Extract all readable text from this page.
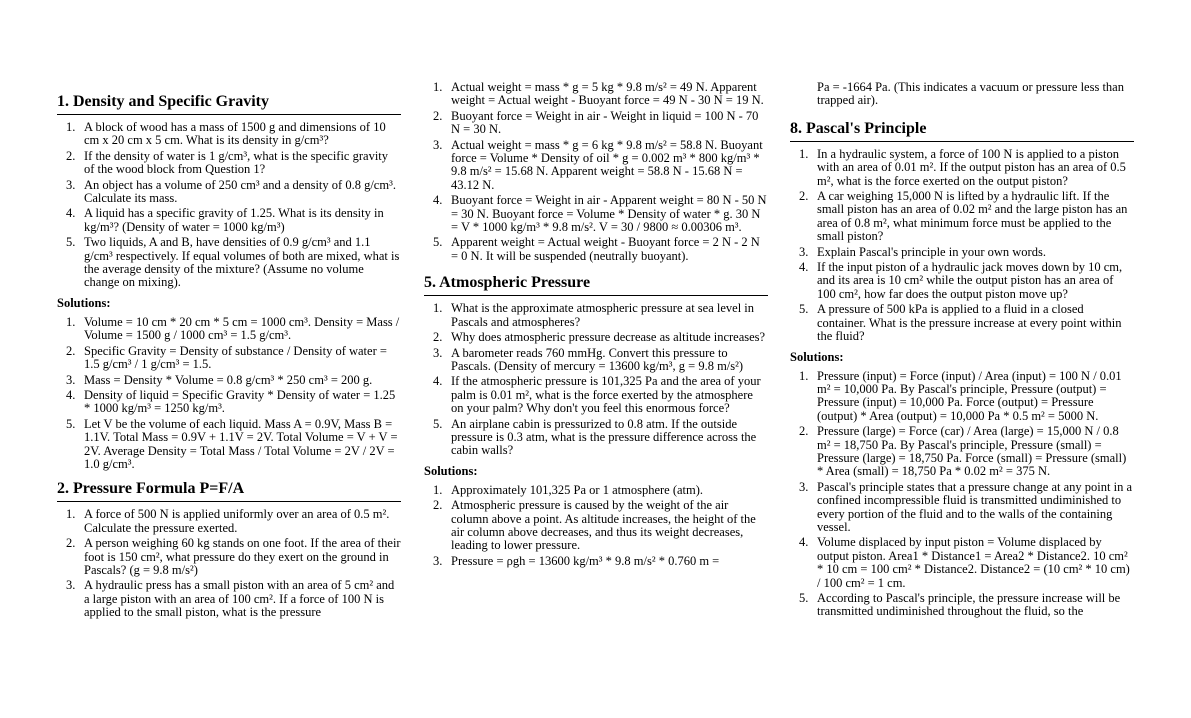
1. Density and Specific Gravity
1. A block of wood has a mass of 1500 g and dimensions of 10 cm x 20 cm x 5 cm. What is its density in g/cm³?
2. If the density of water is 1 g/cm³, what is the specific gravity of the wood block from Question 1?
3. An object has a volume of 250 cm³ and a density of 0.8 g/cm³. Calculate its mass.
4. A liquid has a specific gravity of 1.25. What is its density in kg/m³? (Density of water = 1000 kg/m³)
5. Two liquids, A and B, have densities of 0.9 g/cm³ and 1.1 g/cm³ respectively. If equal volumes of both are mixed, what is the average density of the mixture? (Assume no volume change on mixing).
Solutions:
1. Volume = 10 cm * 20 cm * 5 cm = 1000 cm³. Density = Mass / Volume = 1500 g / 1000 cm³ = 1.5 g/cm³.
2. Specific Gravity = Density of substance / Density of water = 1.5 g/cm³ / 1 g/cm³ = 1.5.
3. Mass = Density * Volume = 0.8 g/cm³ * 250 cm³ = 200 g.
4. Density of liquid = Specific Gravity * Density of water = 1.25 * 1000 kg/m³ = 1250 kg/m³.
5. Let V be the volume of each liquid. Mass A = 0.9V, Mass B = 1.1V. Total Mass = 0.9V + 1.1V = 2V. Total Volume = V + V = 2V. Average Density = Total Mass / Total Volume = 2V / 2V = 1.0 g/cm³.
2. Pressure Formula P=F/A
1. A force of 500 N is applied uniformly over an area of 0.5 m². Calculate the pressure exerted.
2. A person weighing 60 kg stands on one foot. If the area of their foot is 150 cm², what pressure do they exert on the ground in Pascals? (g = 9.8 m/s²)
3. A hydraulic press has a small piston with an area of 5 cm² and a large piston with an area of 100 cm². If a force of 100 N is applied to the small piston, what is the pressure
1. Actual weight = mass * g = 5 kg * 9.8 m/s² = 49 N. Apparent weight = Actual weight - Buoyant force = 49 N - 30 N = 19 N.
2. Buoyant force = Weight in air - Weight in liquid = 100 N - 70 N = 30 N.
3. Actual weight = mass * g = 6 kg * 9.8 m/s² = 58.8 N. Buoyant force = Volume * Density of oil * g = 0.002 m³ * 800 kg/m³ * 9.8 m/s² = 15.68 N. Apparent weight = 58.8 N - 15.68 N = 43.12 N.
4. Buoyant force = Weight in air - Apparent weight = 80 N - 50 N = 30 N. Buoyant force = Volume * Density of water * g. 30 N = V * 1000 kg/m³ * 9.8 m/s². V = 30 / 9800 ≈ 0.00306 m³.
5. Apparent weight = Actual weight - Buoyant force = 2 N - 2 N = 0 N. It will be suspended (neutrally buoyant).
5. Atmospheric Pressure
1. What is the approximate atmospheric pressure at sea level in Pascals and atmospheres?
2. Why does atmospheric pressure decrease as altitude increases?
3. A barometer reads 760 mmHg. Convert this pressure to Pascals. (Density of mercury = 13600 kg/m³, g = 9.8 m/s²)
4. If the atmospheric pressure is 101,325 Pa and the area of your palm is 0.01 m², what is the force exerted by the atmosphere on your palm? Why don't you feel this enormous force?
5. An airplane cabin is pressurized to 0.8 atm. If the outside pressure is 0.3 atm, what is the pressure difference across the cabin walls?
Solutions:
1. Approximately 101,325 Pa or 1 atmosphere (atm).
2. Atmospheric pressure is caused by the weight of the air column above a point. As altitude increases, the height of the air column above decreases, and thus its weight decreases, leading to lower pressure.
3. Pressure = ρgh = 13600 kg/m³ * 9.8 m/s² * 0.760 m =
Pa = -1664 Pa. (This indicates a vacuum or pressure less than trapped air).
8. Pascal's Principle
1. In a hydraulic system, a force of 100 N is applied to a piston with an area of 0.01 m². If the output piston has an area of 0.5 m², what is the force exerted on the output piston?
2. A car weighing 15,000 N is lifted by a hydraulic lift. If the small piston has an area of 0.02 m² and the large piston has an area of 0.8 m², what minimum force must be applied to the small piston?
3. Explain Pascal's principle in your own words.
4. If the input piston of a hydraulic jack moves down by 10 cm, and its area is 10 cm² while the output piston has an area of 100 cm², how far does the output piston move up?
5. A pressure of 500 kPa is applied to a fluid in a closed container. What is the pressure increase at every point within the fluid?
Solutions:
1. Pressure (input) = Force (input) / Area (input) = 100 N / 0.01 m² = 10,000 Pa. By Pascal's principle, Pressure (output) = Pressure (input) = 10,000 Pa. Force (output) = Pressure (output) * Area (output) = 10,000 Pa * 0.5 m² = 5000 N.
2. Pressure (large) = Force (car) / Area (large) = 15,000 N / 0.8 m² = 18,750 Pa. By Pascal's principle, Pressure (small) = Pressure (large) = 18,750 Pa. Force (small) = Pressure (small) * Area (small) = 18,750 Pa * 0.02 m² = 375 N.
3. Pascal's principle states that a pressure change at any point in a confined incompressible fluid is transmitted undiminished to every portion of the fluid and to the walls of the containing vessel.
4. Volume displaced by input piston = Volume displaced by output piston. Area1 * Distance1 = Area2 * Distance2. 10 cm² * 10 cm = 100 cm² * Distance2. Distance2 = (10 cm² * 10 cm) / 100 cm² = 1 cm.
5. According to Pascal's principle, the pressure increase will be transmitted undiminished throughout the fluid, so the
